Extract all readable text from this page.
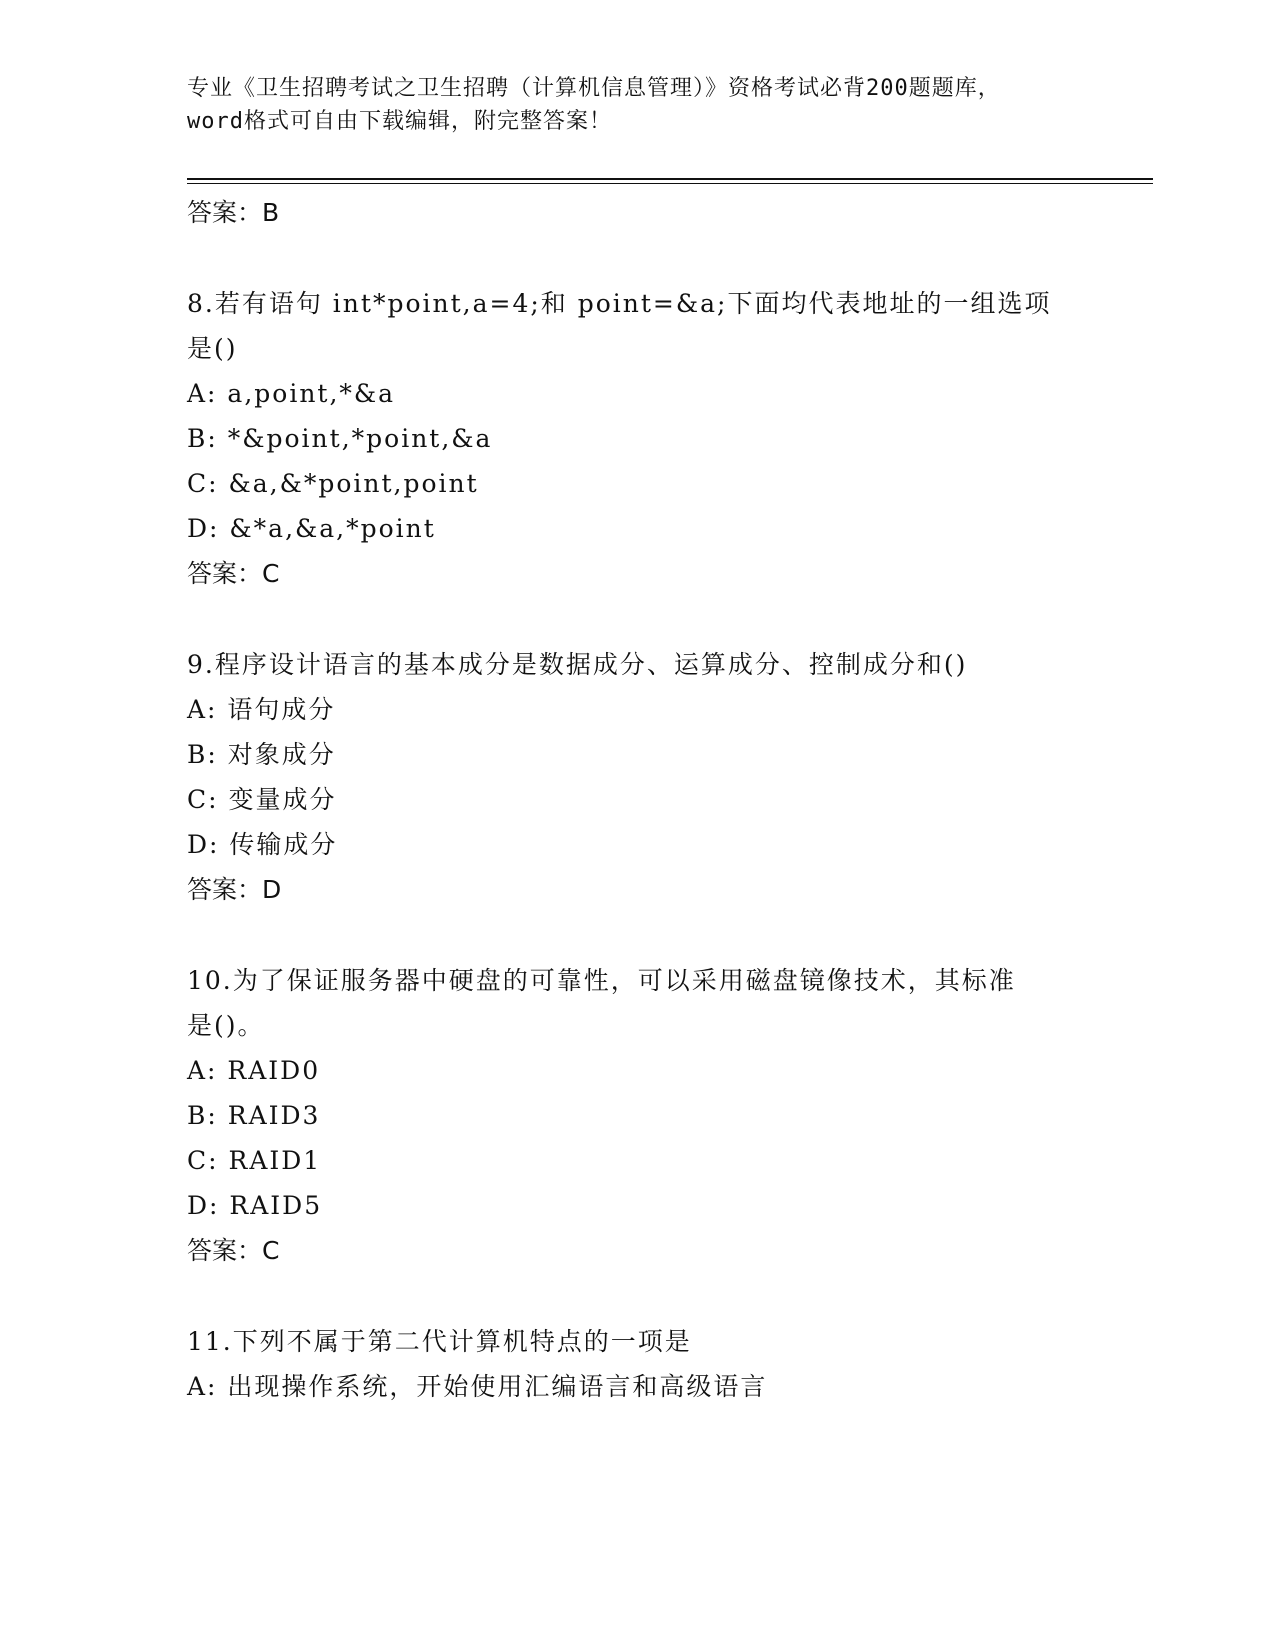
专业《卫生招聘考试之卫生招聘（计算机信息管理）》资格考试必背200题题库，
word格式可自由下载编辑，附完整答案！
答案：B
8.若有语句 int*point,a=4;和 point=&a;下面均代表地址的一组选项
是()
A: a,point,*&a
B: *&point,*point,&a
C: &a,&*point,point
D: &*a,&a,*point
答案：C
9.程序设计语言的基本成分是数据成分、运算成分、控制成分和()
A: 语句成分
B: 对象成分
C: 变量成分
D: 传输成分
答案：D
10.为了保证服务器中硬盘的可靠性，可以采用磁盘镜像技术，其标准
是()。
A: RAID0
B: RAID3
C: RAID1
D: RAID5
答案：C
11.下列不属于第二代计算机特点的一项是
A: 出现操作系统，开始使用汇编语言和高级语言
